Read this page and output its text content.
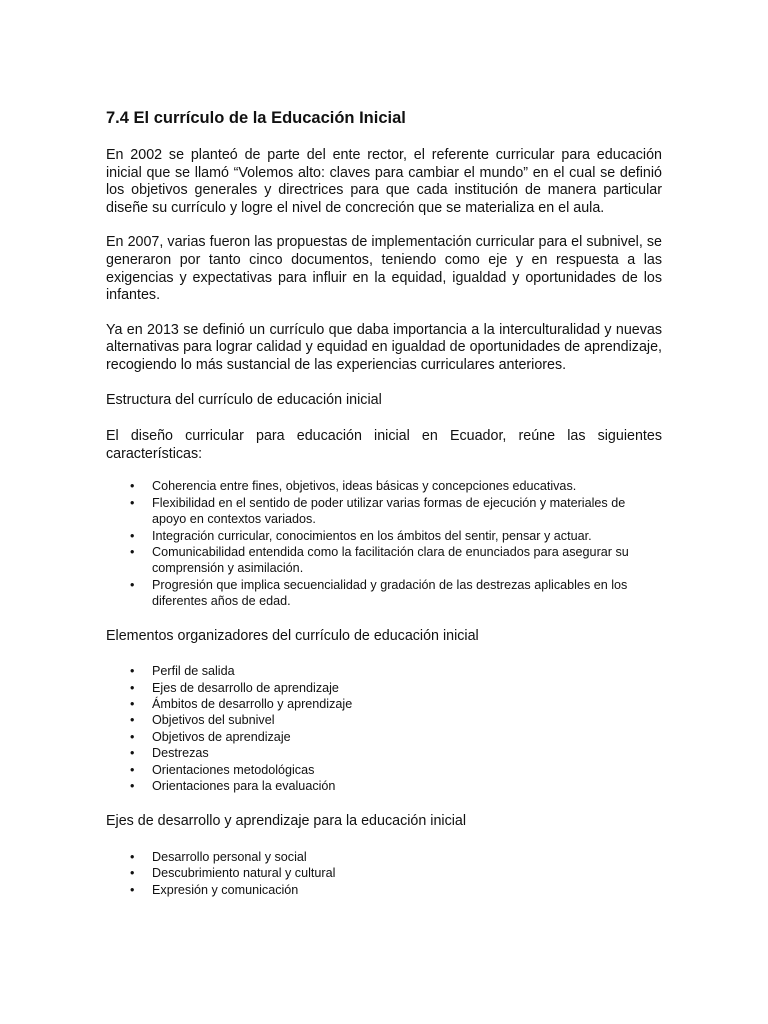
7.4 El currículo de la Educación Inicial

En 2002 se planteó de parte del ente rector, el referente curricular para educación inicial que se llamó “Volemos alto: claves para cambiar el mundo” en el cual se definió los objetivos generales y directrices para que cada institución de manera particular diseñe su currículo y logre el nivel de concreción que se materializa en el aula.

En 2007, varias fueron las propuestas de implementación curricular para el subnivel, se generaron por tanto cinco documentos, teniendo como eje y en respuesta a las exigencias y expectativas para influir en la equidad, igualdad y oportunidades de los infantes.

Ya en 2013 se definió un currículo que daba importancia a la interculturalidad y nuevas alternativas para lograr calidad y equidad en igualdad de oportunidades de aprendizaje, recogiendo lo más sustancial de las experiencias curriculares anteriores.

Estructura del currículo de educación inicial

El diseño curricular para educación inicial en Ecuador, reúne las siguientes características:

• Coherencia entre fines, objetivos, ideas básicas y concepciones educativas.
• Flexibilidad en el sentido de poder utilizar varias formas de ejecución y materiales de apoyo en contextos variados.
• Integración curricular, conocimientos en los ámbitos del sentir, pensar y actuar.
• Comunicabilidad entendida como la facilitación clara de enunciados para asegurar su comprensión y asimilación.
• Progresión que implica secuencialidad y gradación de las destrezas aplicables en los diferentes años de edad.

Elementos organizadores del currículo de educación inicial

• Perfil de salida
• Ejes de desarrollo de aprendizaje
• Ámbitos de desarrollo y aprendizaje
• Objetivos del subnivel
• Objetivos de aprendizaje
• Destrezas
• Orientaciones metodológicas
• Orientaciones para la evaluación

Ejes de desarrollo y aprendizaje para la educación inicial

• Desarrollo personal y social
• Descubrimiento natural y cultural
• Expresión y comunicación
